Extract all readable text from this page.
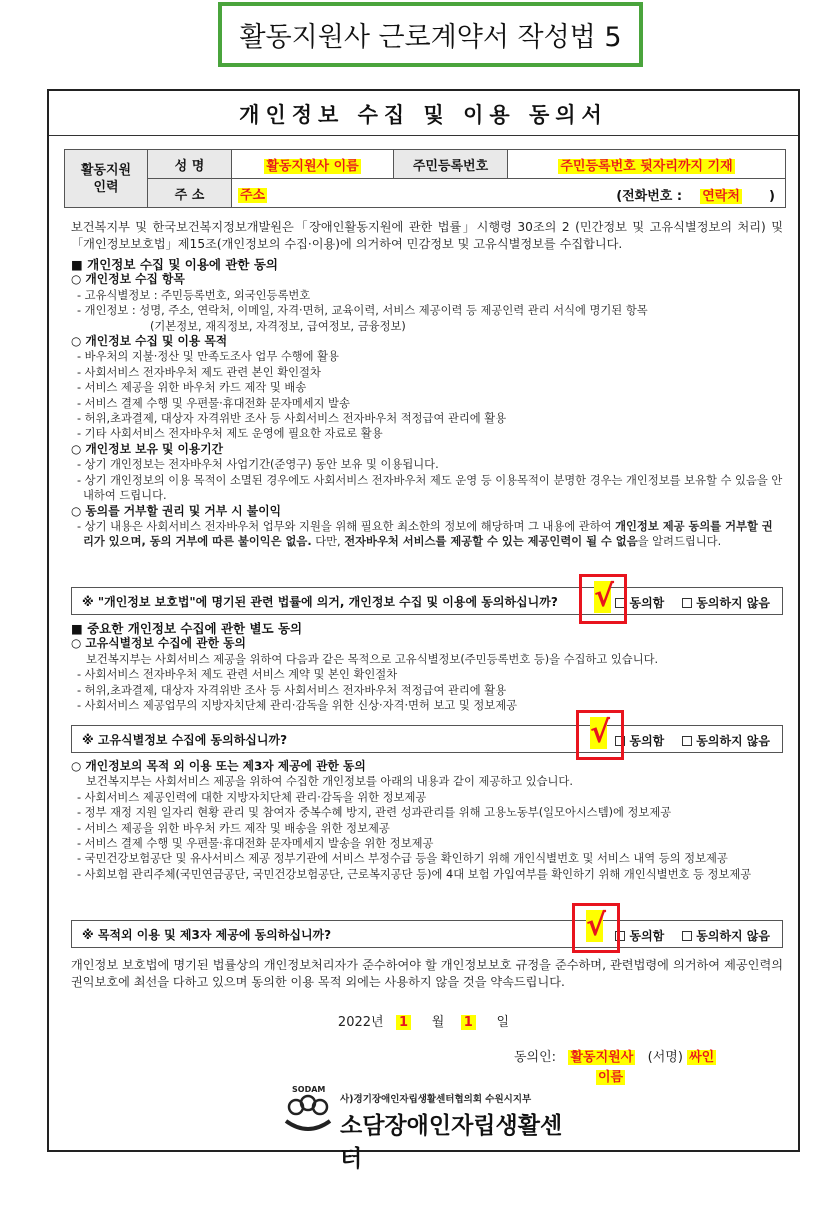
활동지원사 근로계약서 작성법 5
개인정보 수집 및 이용 동의서
활동지원
인력	성 명	활동지원사 이름	주민등록번호	주민등록번호 뒷자리까지 기재
	주 소	주소 (전화번호 : 연락처 )		
보건복지부 및 한국보건복지정보개발원은「장애인활동지원에 관한 법률」시행령 30조의 2 (민간정보 및 고유식별정보의 처리) 및「개인정보보호법」제15조(개인정보의 수집·이용)에 의거하여 민감정보 및 고유식별정보를 수집합니다.
■ 개인정보 수집 및 이용에 관한 동의
○ 개인정보 수집 항목
- 고유식별정보 : 주민등록번호, 외국인등록번호
- 개인정보 : 성명, 주소, 연락처, 이메일, 자격·면허, 교육이력, 서비스 제공이력 등 제공인력 관리 서식에 명기된 항목
(기본정보, 재직정보, 자격정보, 급여정보, 금융정보)
○ 개인정보 수집 및 이용 목적
- 바우처의 지불·정산 및 만족도조사 업무 수행에 활용
- 사회서비스 전자바우처 제도 관련 본인 확인절차
- 서비스 제공을 위한 바우처 카드 제작 및 배송
- 서비스 결제 수행 및 우편물·휴대전화 문자메세지 발송
- 허위,초과결제, 대상자 자격위반 조사 등 사회서비스 전자바우처 적정급여 관리에 활용
- 기타 사회서비스 전자바우처 제도 운영에 필요한 자료로 활용
○ 개인정보 보유 및 이용기간
- 상기 개인정보는 전자바우처 사업기간(준영구) 동안 보유 및 이용됩니다.
- 상기 개인정보의 이용 목적이 소멸된 경우에도 사회서비스 전자바우처 제도 운영 등 이용목적이 분명한 경우는 개인정보를 보유할 수 있음을 안내하여 드립니다.
○ 동의를 거부할 권리 및 거부 시 불이익
- 상기 내용은 사회서비스 전자바우처 업무와 지원을 위해 필요한 최소한의 정보에 해당하며 그 내용에 관하여 개인정보 제공 동의를 거부할 권리가 있으며, 동의 거부에 따른 불이익은 없음. 다만, 전자바우처 서비스를 제공할 수 있는 제공인력이 될 수 없음을 알려드립니다.
※ "개인정보 보호법"에 명기된 관련 법률에 의거, 개인정보 수집 및 이용에 동의하십니까?	동의함	동의하지 않음
√
■ 중요한 개인정보 수집에 관한 별도 동의
○ 고유식별정보 수집에 관한 동의
보건복지부는 사회서비스 제공을 위하여 다음과 같은 목적으로 고유식별정보(주민등록번호 등)을 수집하고 있습니다.
- 사회서비스 전자바우처 제도 관련 서비스 계약 및 본인 확인절차
- 허위,초과결제, 대상자 자격위반 조사 등 사회서비스 전자바우처 적정급여 관리에 활용
- 사회서비스 제공업무의 지방자치단체 관리·감독을 위한 신상·자격·면허 보고 및 정보제공
※ 고유식별정보 수집에 동의하십니까?	동의함	동의하지 않음
√
○ 개인정보의 목적 외 이용 또는 제3자 제공에 관한 동의
보건복지부는 사회서비스 제공을 위하여 수집한 개인정보를 아래의 내용과 같이 제공하고 있습니다.
- 사회서비스 제공인력에 대한 지방자치단체 관리·감독을 위한 정보제공
- 정부 재정 지원 일자리 현황 관리 및 참여자 중복수혜 방지, 관련 성과관리를 위해 고용노동부(일모아시스템)에 정보제공
- 서비스 제공을 위한 바우처 카드 제작 및 배송을 위한 정보제공
- 서비스 결제 수행 및 우편물·휴대전화 문자메세지 발송을 위한 정보제공
- 국민건강보험공단 및 유사서비스 제공 정부기관에 서비스 부정수급 등을 확인하기 위해 개인식별번호 및 서비스 내역 등의 정보제공
- 사회보험 관리주체(국민연금공단, 국민건강보험공단, 근로복지공단 등)에 4대 보험 가입여부를 확인하기 위해 개인식별번호 등 정보제공
※ 목적외 이용 및 제3자 제공에 동의하십니까?	동의함	동의하지 않음
√
개인정보 보호법에 명기된 법률상의 개인정보처리자가 준수하여야 할 개인정보보호 규정을 준수하며, 관련법령에 의거하여 제공인력의 권익보호에 최선을 다하고 있으며 동의한 이용 목적 외에는 사용하지 않을 것을 약속드립니다.
2022년 1 월 1 일
동의인: 활동지원사 (서명) 싸인
이름
SODAM
사)경기장애인자립생활센터협의회 수원시지부
소담장애인자립생활센터
